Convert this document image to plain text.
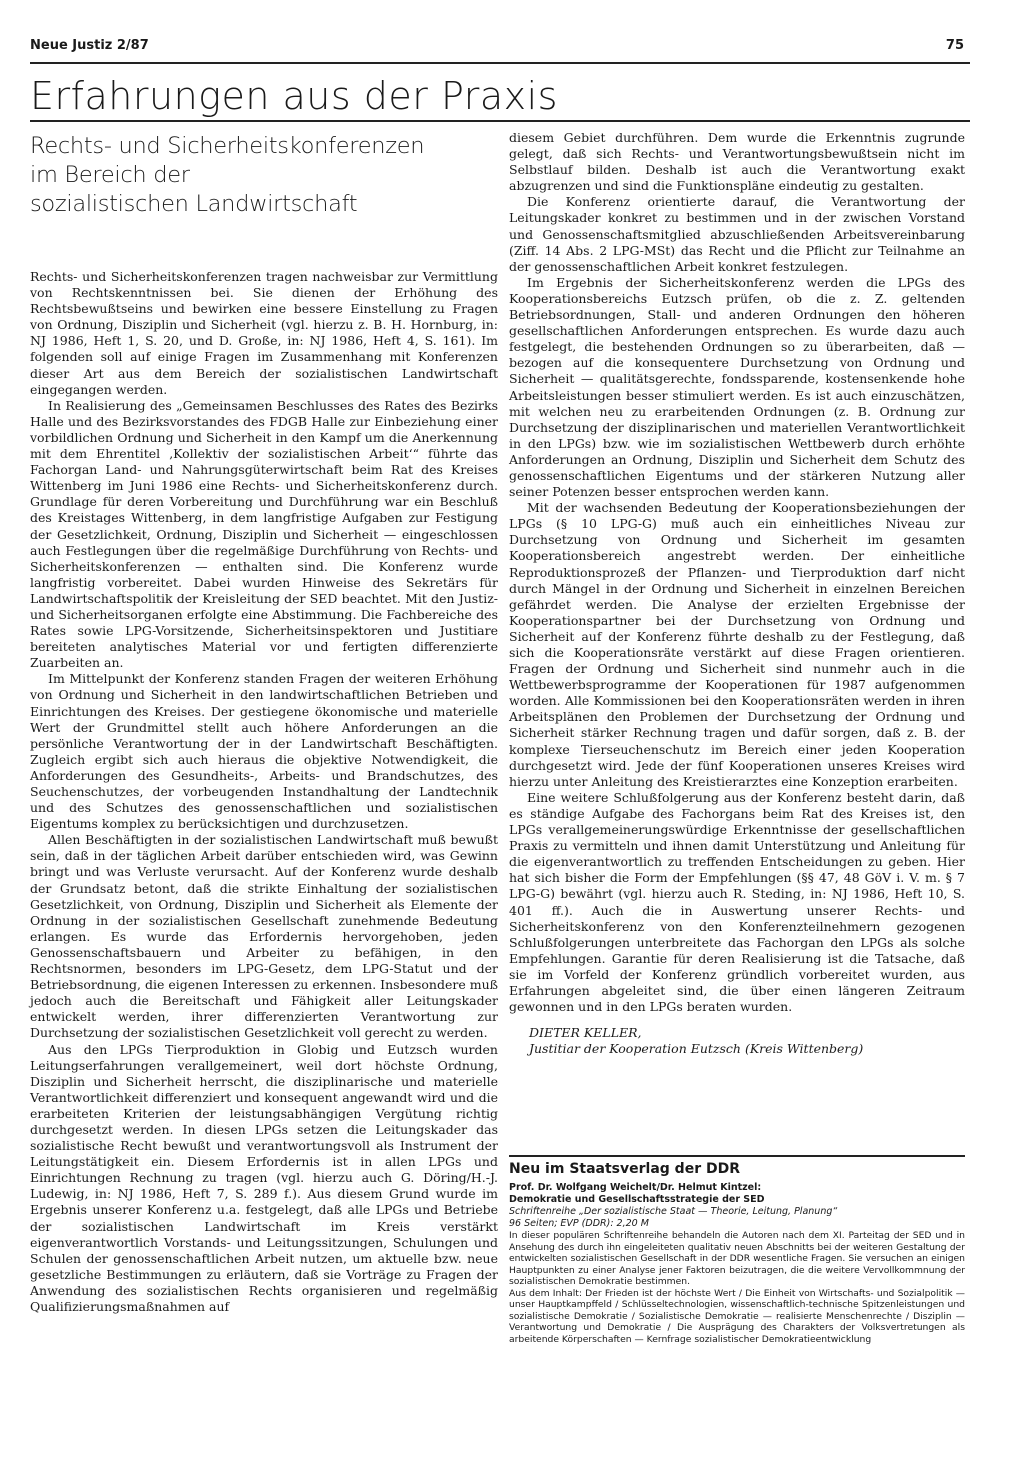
Neue Justiz 2/87	75
Erfahrungen aus der Praxis
Rechts- und Sicherheitskonferenzen
im Bereich der
sozialistischen Landwirtschaft

Rechts- und Sicherheitskonferenzen tragen nachweisbar zur Vermittlung von Rechtskenntnissen bei. Sie dienen der Erhöhung des Rechtsbewußtseins und bewirken eine bessere Einstellung zu Fragen von Ordnung, Disziplin und Sicherheit (vgl. hierzu z. B. H. Hornburg, in: NJ 1986, Heft 1, S. 20, und D. Große, in: NJ 1986, Heft 4, S. 161). Im folgenden soll auf einige Fragen im Zusammenhang mit Konferenzen dieser Art aus dem Bereich der sozialistischen Landwirtschaft eingegangen werden.

In Realisierung des „Gemeinsamen Beschlusses des Rates des Bezirks Halle und des Bezirksvorstandes des FDGB Halle zur Einbeziehung einer vorbildlichen Ordnung und Sicherheit in den Kampf um die Anerkennung mit dem Ehrentitel ‚Kollektiv der sozialistischen Arbeit‘“ führte das Fachorgan Land- und Nahrungsgüterwirtschaft beim Rat des Kreises Wittenberg im Juni 1986 eine Rechts- und Sicherheitskonferenz durch. Grundlage für deren Vorbereitung und Durchführung war ein Beschluß des Kreistages Wittenberg, in dem langfristige Aufgaben zur Festigung der Gesetzlichkeit, Ordnung, Disziplin und Sicherheit — eingeschlossen auch Festlegungen über die regelmäßige Durchführung von Rechts- und Sicherheitskonferenzen — enthalten sind. Die Konferenz wurde langfristig vorbereitet. Dabei wurden Hinweise des Sekretärs für Landwirtschaftspolitik der Kreisleitung der SED beachtet. Mit den Justiz- und Sicherheitsorganen erfolgte eine Abstimmung. Die Fachbereiche des Rates sowie LPG-Vorsitzende, Sicherheitsinspektoren und Justitiare bereiteten analytisches Material vor und fertigten differenzierte Zuarbeiten an.

Im Mittelpunkt der Konferenz standen Fragen der weiteren Erhöhung von Ordnung und Sicherheit in den landwirtschaftlichen Betrieben und Einrichtungen des Kreises. Der gestiegene ökonomische und materielle Wert der Grundmittel stellt auch höhere Anforderungen an die persönliche Verantwortung der in der Landwirtschaft Beschäftigten. Zugleich ergibt sich auch hieraus die objektive Notwendigkeit, die Anforderungen des Gesundheits-, Arbeits- und Brandschutzes, des Seuchenschutzes, der vorbeugenden Instandhaltung der Landtechnik und des Schutzes des genossenschaftlichen und sozialistischen Eigentums komplex zu berücksichtigen und durchzusetzen.

Allen Beschäftigten in der sozialistischen Landwirtschaft muß bewußt sein, daß in der täglichen Arbeit darüber entschieden wird, was Gewinn bringt und was Verluste verursacht. Auf der Konferenz wurde deshalb der Grundsatz betont, daß die strikte Einhaltung der sozialistischen Gesetzlichkeit, von Ordnung, Disziplin und Sicherheit als Elemente der Ordnung in der sozialistischen Gesellschaft zunehmende Bedeutung erlangen. Es wurde das Erfordernis hervorgehoben, jeden Genossenschaftsbauern und Arbeiter zu befähigen, in den Rechtsnormen, besonders im LPG-Gesetz, dem LPG-Statut und der Betriebsordnung, die eigenen Interessen zu erkennen. Insbesondere muß jedoch auch die Bereitschaft und Fähigkeit aller Leitungskader entwickelt werden, ihrer differenzierten Verantwortung zur Durchsetzung der sozialistischen Gesetzlichkeit voll gerecht zu werden.

Aus den LPGs Tierproduktion in Globig und Eutzsch wurden Leitungserfahrungen verallgemeinert, weil dort höchste Ordnung, Disziplin und Sicherheit herrscht, die disziplinarische und materielle Verantwortlichkeit differenziert und konsequent angewandt wird und die erarbeiteten Kriterien der leistungsabhängigen Vergütung richtig durchgesetzt werden. In diesen LPGs setzen die Leitungskader das sozialistische Recht bewußt und verantwortungsvoll als Instrument der Leitungstätigkeit ein. Diesem Erfordernis ist in allen LPGs und Einrichtungen Rechnung zu tragen (vgl. hierzu auch G. Döring/H.-J. Ludewig, in: NJ 1986, Heft 7, S. 289 f.). Aus diesem Grund wurde im Ergebnis unserer Konferenz u.a. festgelegt, daß alle LPGs und Betriebe der sozialistischen Landwirtschaft im Kreis verstärkt eigenverantwortlich Vorstands- und Leitungssitzungen, Schulungen und Schulen der genossenschaftlichen Arbeit nutzen, um aktuelle bzw. neue gesetzliche Bestimmungen zu erläutern, daß sie Vorträge zu Fragen der Anwendung des sozialistischen Rechts organisieren und regelmäßig Qualifizierungsmaßnahmen auf

diesem Gebiet durchführen. Dem wurde die Erkenntnis zugrunde gelegt, daß sich Rechts- und Verantwortungsbewußtsein nicht im Selbstlauf bilden. Deshalb ist auch die Verantwortung exakt abzugrenzen und sind die Funktionspläne eindeutig zu gestalten.

Die Konferenz orientierte darauf, die Verantwortung der Leitungskader konkret zu bestimmen und in der zwischen Vorstand und Genossenschaftsmitglied abzuschließenden Arbeitsvereinbarung (Ziff. 14 Abs. 2 LPG-MSt) das Recht und die Pflicht zur Teilnahme an der genossenschaftlichen Arbeit konkret festzulegen.

Im Ergebnis der Sicherheitskonferenz werden die LPGs des Kooperationsbereichs Eutzsch prüfen, ob die z. Z. geltenden Betriebsordnungen, Stall- und anderen Ordnungen den höheren gesellschaftlichen Anforderungen entsprechen. Es wurde dazu auch festgelegt, die bestehenden Ordnungen so zu überarbeiten, daß — bezogen auf die konsequentere Durchsetzung von Ordnung und Sicherheit — qualitätsgerechte, fondssparende, kostensenkende hohe Arbeitsleistungen besser stimuliert werden. Es ist auch einzuschätzen, mit welchen neu zu erarbeitenden Ordnungen (z. B. Ordnung zur Durchsetzung der disziplinarischen und materiellen Verantwortlichkeit in den LPGs) bzw. wie im sozialistischen Wettbewerb durch erhöhte Anforderungen an Ordnung, Disziplin und Sicherheit dem Schutz des genossenschaftlichen Eigentums und der stärkeren Nutzung aller seiner Potenzen besser entsprochen werden kann.

Mit der wachsenden Bedeutung der Kooperationsbeziehungen der LPGs (§ 10 LPG-G) muß auch ein einheitliches Niveau zur Durchsetzung von Ordnung und Sicherheit im gesamten Kooperationsbereich angestrebt werden. Der einheitliche Reproduktionsprozeß der Pflanzen- und Tierproduktion darf nicht durch Mängel in der Ordnung und Sicherheit in einzelnen Bereichen gefährdet werden. Die Analyse der erzielten Ergebnisse der Kooperationspartner bei der Durchsetzung von Ordnung und Sicherheit auf der Konferenz führte deshalb zu der Festlegung, daß sich die Kooperationsräte verstärkt auf diese Fragen orientieren. Fragen der Ordnung und Sicherheit sind nunmehr auch in die Wettbewerbsprogramme der Kooperationen für 1987 aufgenommen worden. Alle Kommissionen bei den Kooperationsräten werden in ihren Arbeitsplänen den Problemen der Durchsetzung der Ordnung und Sicherheit stärker Rechnung tragen und dafür sorgen, daß z. B. der komplexe Tierseuchenschutz im Bereich einer jeden Kooperation durchgesetzt wird. Jede der fünf Kooperationen unseres Kreises wird hierzu unter Anleitung des Kreistierarztes eine Konzeption erarbeiten.

Eine weitere Schlußfolgerung aus der Konferenz besteht darin, daß es ständige Aufgabe des Fachorgans beim Rat des Kreises ist, den LPGs verallgemeinerungswürdige Erkenntnisse der gesellschaftlichen Praxis zu vermitteln und ihnen damit Unterstützung und Anleitung für die eigenverantwortlich zu treffenden Entscheidungen zu geben. Hier hat sich bisher die Form der Empfehlungen (§§ 47, 48 GöV i. V. m. § 7 LPG-G) bewährt (vgl. hierzu auch R. Steding, in: NJ 1986, Heft 10, S. 401 ff.). Auch die in Auswertung unserer Rechts- und Sicherheitskonferenz von den Konferenzteilnehmern gezogenen Schlußfolgerungen unterbreitete das Fachorgan den LPGs als solche Empfehlungen. Garantie für deren Realisierung ist die Tatsache, daß sie im Vorfeld der Konferenz gründlich vorbereitet wurden, aus Erfahrungen abgeleitet sind, die über einen längeren Zeitraum gewonnen und in den LPGs beraten wurden.

DIETER KELLER,
Justitiar der Kooperation Eutzsch (Kreis Wittenberg)
Neu im Staatsverlag der DDR

Prof. Dr. Wolfgang Weichelt/Dr. Helmut Kintzel:

Demokratie und Gesellschaftsstrategie der SED

Schriftenreihe „Der sozialistische Staat — Theorie, Leitung, Planung“

96 Seiten; EVP (DDR): 2,20 M

In dieser populären Schriftenreihe behandeln die Autoren nach dem XI. Parteitag der SED und in Ansehung des durch ihn eingeleiteten qualitativ neuen Abschnitts bei der weiteren Gestaltung der entwickelten sozialistischen Gesellschaft in der DDR wesentliche Fragen. Sie versuchen an einigen Hauptpunkten zu einer Analyse jener Faktoren beizutragen, die die weitere Vervollkommnung der sozialistischen Demokratie bestimmen.

Aus dem Inhalt: Der Frieden ist der höchste Wert / Die Einheit von Wirtschafts- und Sozialpolitik — unser Hauptkampffeld / Schlüsseltechnologien, wissenschaftlich-technische Spitzenleistungen und sozialistische Demokratie / Sozialistische Demokratie — realisierte Menschenrechte / Disziplin — Verantwortung und Demokratie / Die Ausprägung des Charakters der Volksvertretungen als arbeitende Körperschaften — Kernfrage sozialistischer Demokratieentwicklung
